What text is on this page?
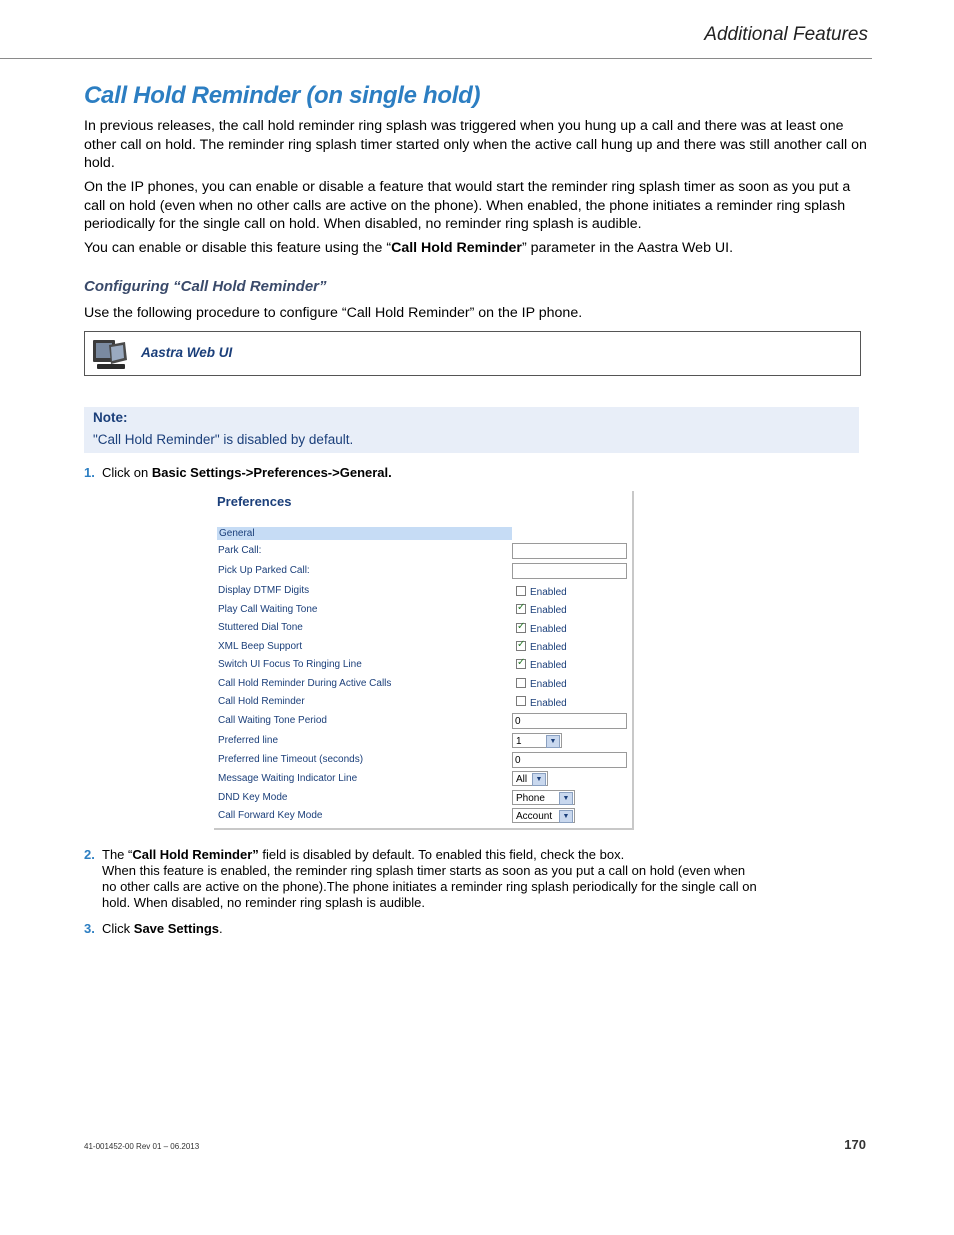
Additional Features
Call Hold Reminder (on single hold)
In previous releases, the call hold reminder ring splash was triggered when you hung up a call and there was at least one other call on hold. The reminder ring splash timer started only when the active call hung up and there was still another call on hold.
On the IP phones, you can enable or disable a feature that would start the reminder ring splash timer as soon as you put a call on hold (even when no other calls are active on the phone). When enabled, the phone initiates a reminder ring splash periodically for the single call on hold. When disabled, no reminder ring splash is audible.
You can enable or disable this feature using the “Call Hold Reminder” parameter in the Aastra Web UI.
Configuring “Call Hold Reminder”
Use the following procedure to configure “Call Hold Reminder” on the IP phone.
Aastra Web UI
Note:
"Call Hold Reminder" is disabled by default.
1. Click on Basic Settings->Preferences->General.
Preferences
General
Park Call:
Pick Up Parked Call:
Display DTMF Digits	Enabled
Play Call Waiting Tone	✓ Enabled
Stuttered Dial Tone	✓ Enabled
XML Beep Support	✓ Enabled
Switch UI Focus To Ringing Line	✓ Enabled
Call Hold Reminder During Active Calls	Enabled
Call Hold Reminder	Enabled
Call Waiting Tone Period	0
Preferred line	1	▼
Preferred line Timeout (seconds)	0
Message Waiting Indicator Line	All	▼
DND Key Mode	Phone	▼
Call Forward Key Mode	Account	▼
2. The “Call Hold Reminder” field is disabled by default. To enabled this field, check the box.
When this feature is enabled, the reminder ring splash timer starts as soon as you put a call on hold (even when no other calls are active on the phone).The phone initiates a reminder ring splash periodically for the single call on hold. When disabled, no reminder ring splash is audible.
3. Click Save Settings.
41-001452-00 Rev 01 – 06.2013	170
